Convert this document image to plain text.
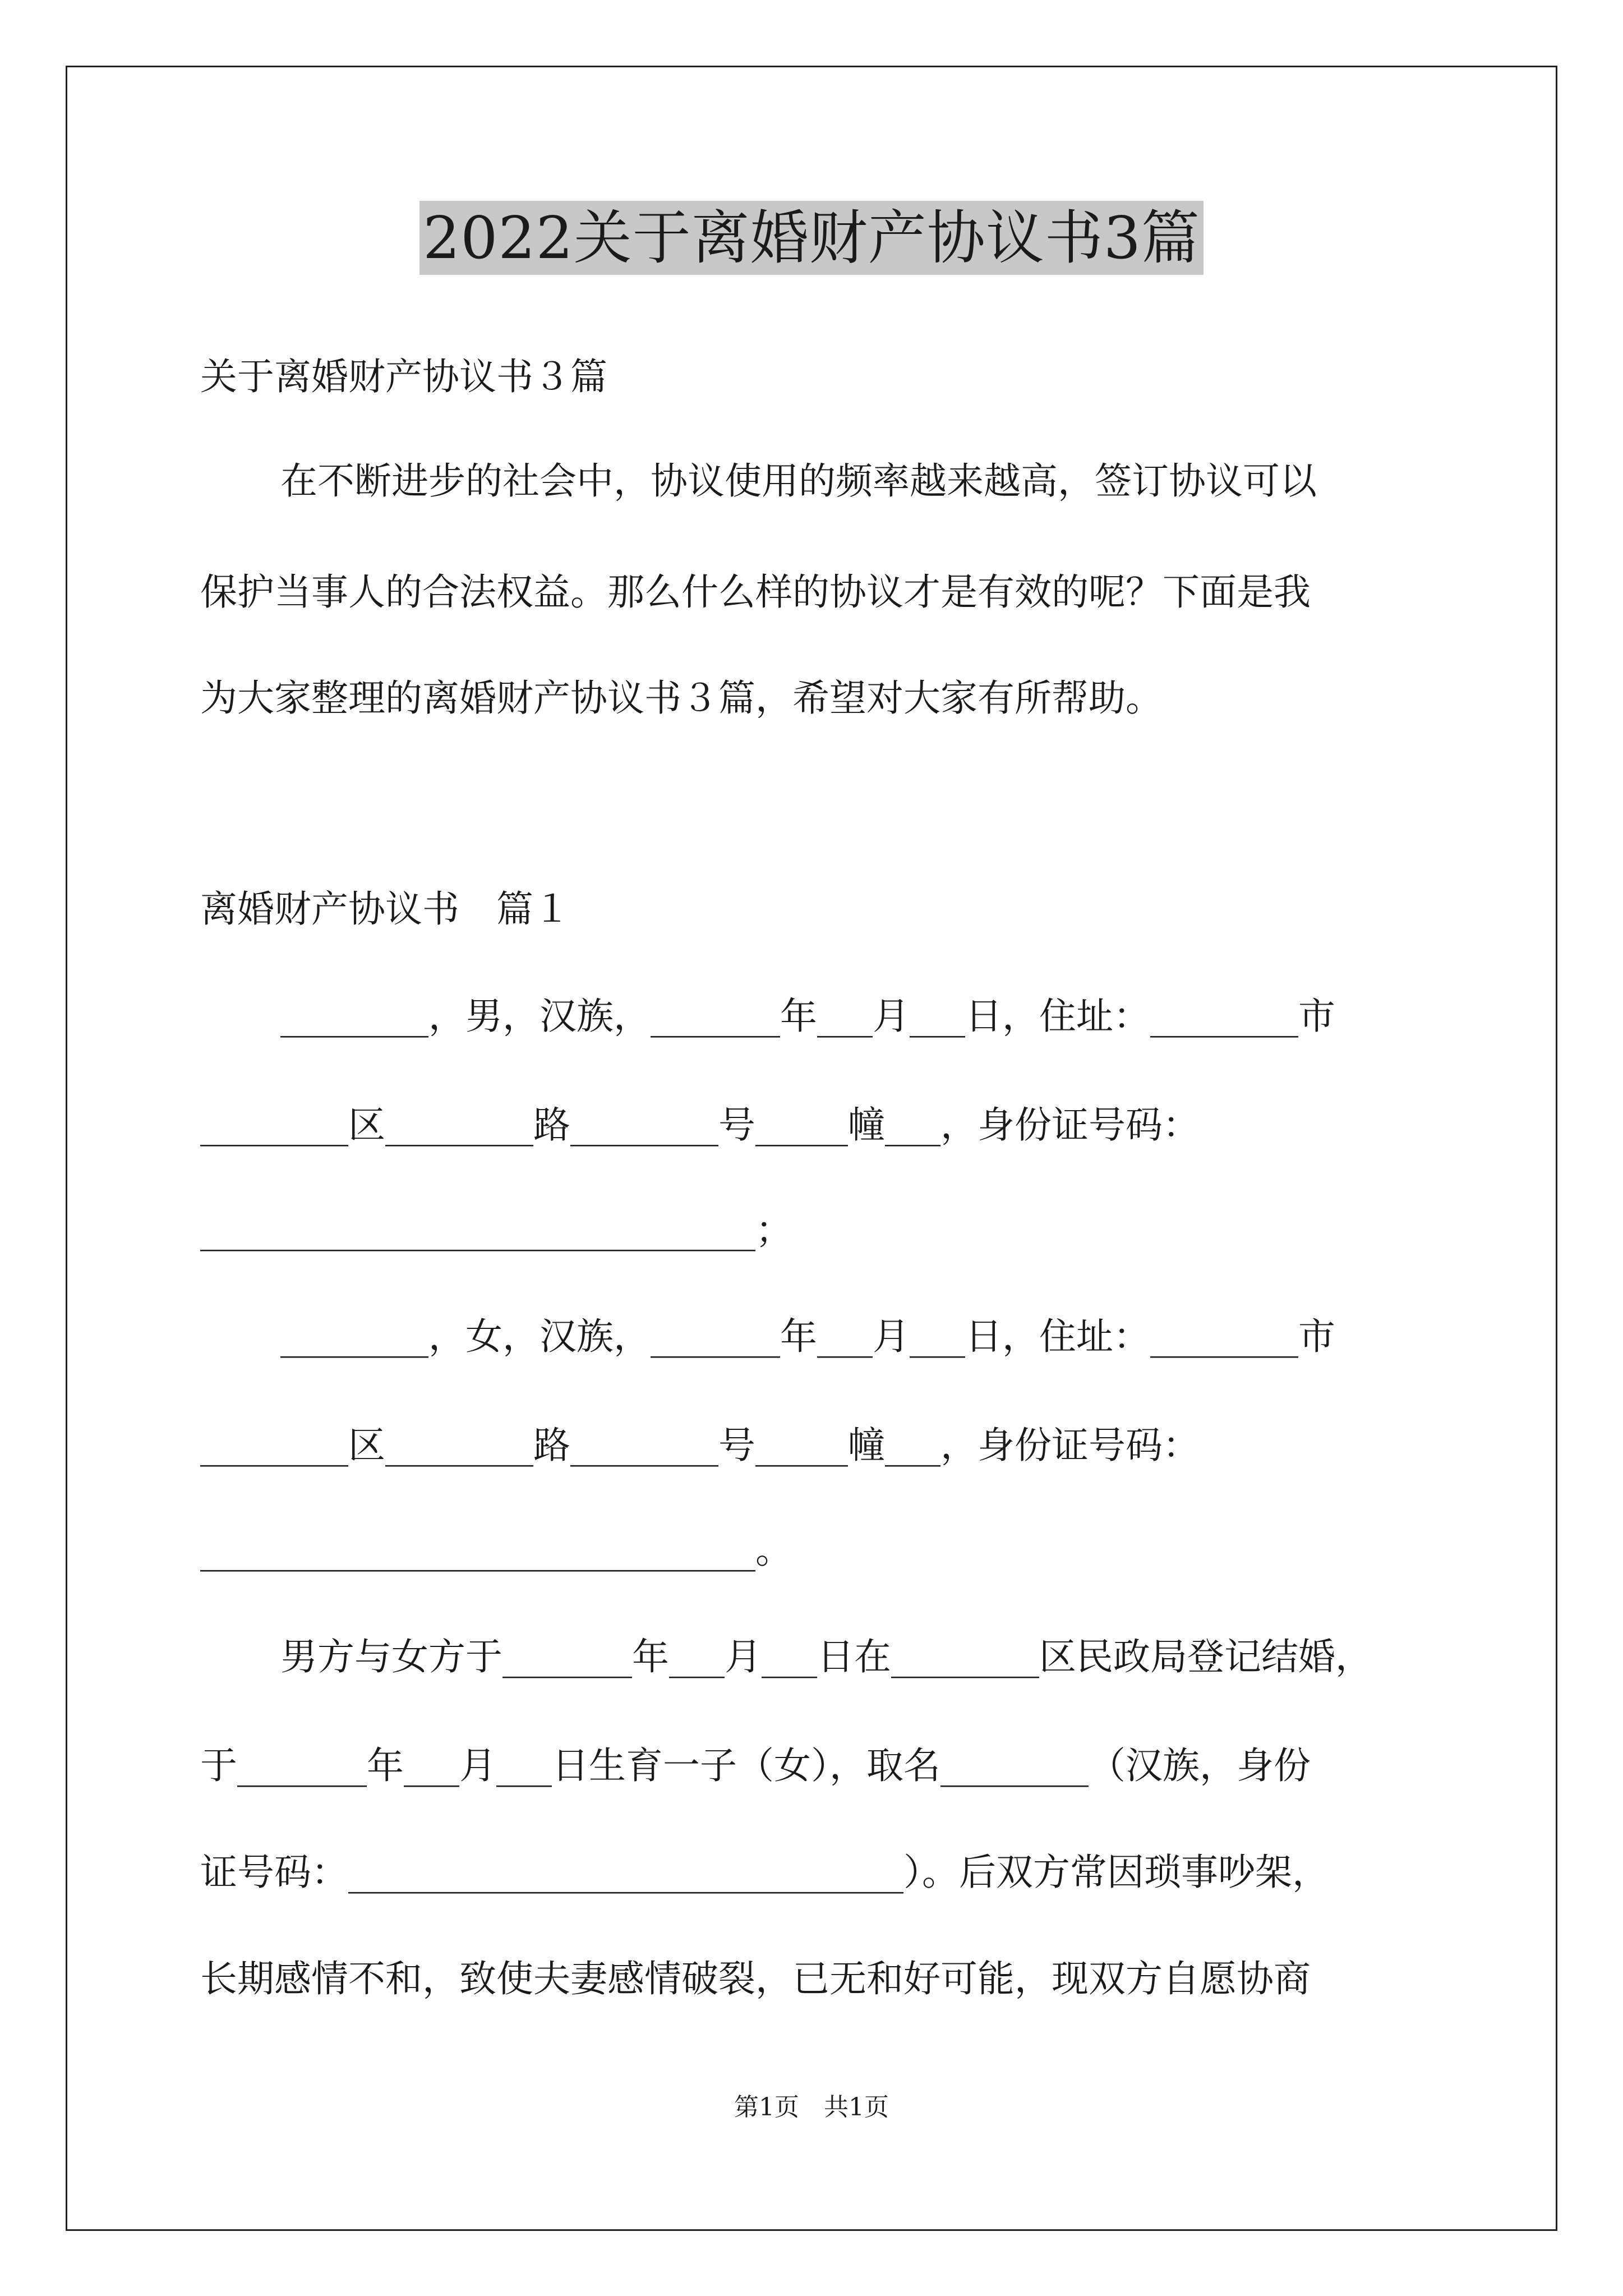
2022关于离婚财产协议书3篇
关于离婚财产协议书３篇
在不断进步的社会中，协议使用的频率越来越高，签订协议可以
保护当事人的合法权益。那么什么样的协议才是有效的呢？下面是我
为大家整理的离婚财产协议书３篇，希望对大家有所帮助。
离婚财产协议书　篇１
________，男，汉族，_______年___月___日，住址：________市
________区________路________号_____幢___，身份证号码：
______________________________；
________，女，汉族，_______年___月___日，住址：________市
________区________路________号_____幢___，身份证号码：
______________________________。
男方与女方于_______年___月___日在________区民政局登记结婚，
于_______年___月___日生育一子（女），取名________（汉族，身份
证号码：______________________________）。后双方常因琐事吵架，
长期感情不和，致使夫妻感情破裂，已无和好可能，现双方自愿协商
第1页　共1页
